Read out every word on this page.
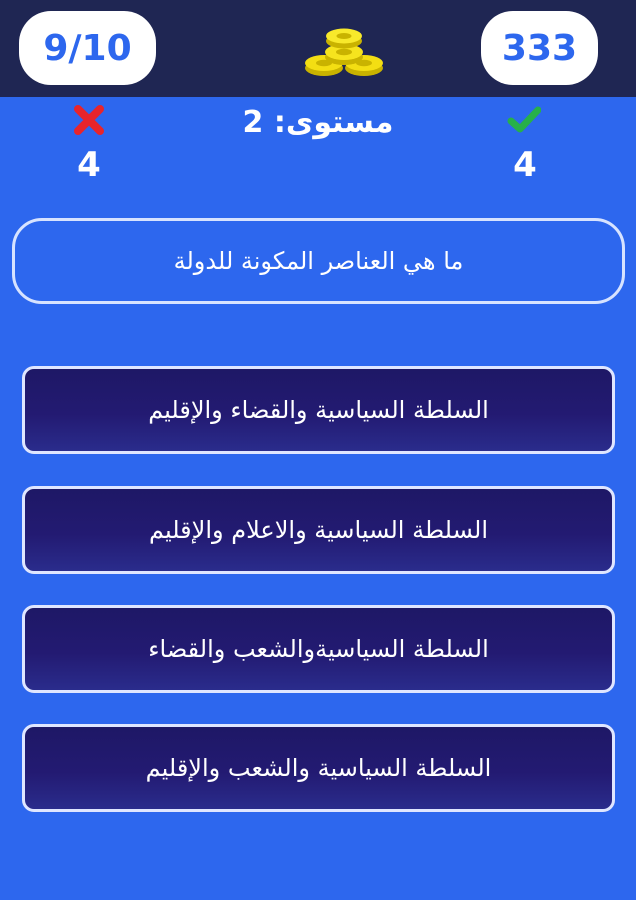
9/10	333
4
مستوى: 2
4
ما هي العناصر المكونة للدولة
السلطة السياسية والقضاء والإقليم
السلطة السياسية والاعلام والإقليم
السلطة السياسيةوالشعب والقضاء
السلطة السياسية والشعب والإقليم
